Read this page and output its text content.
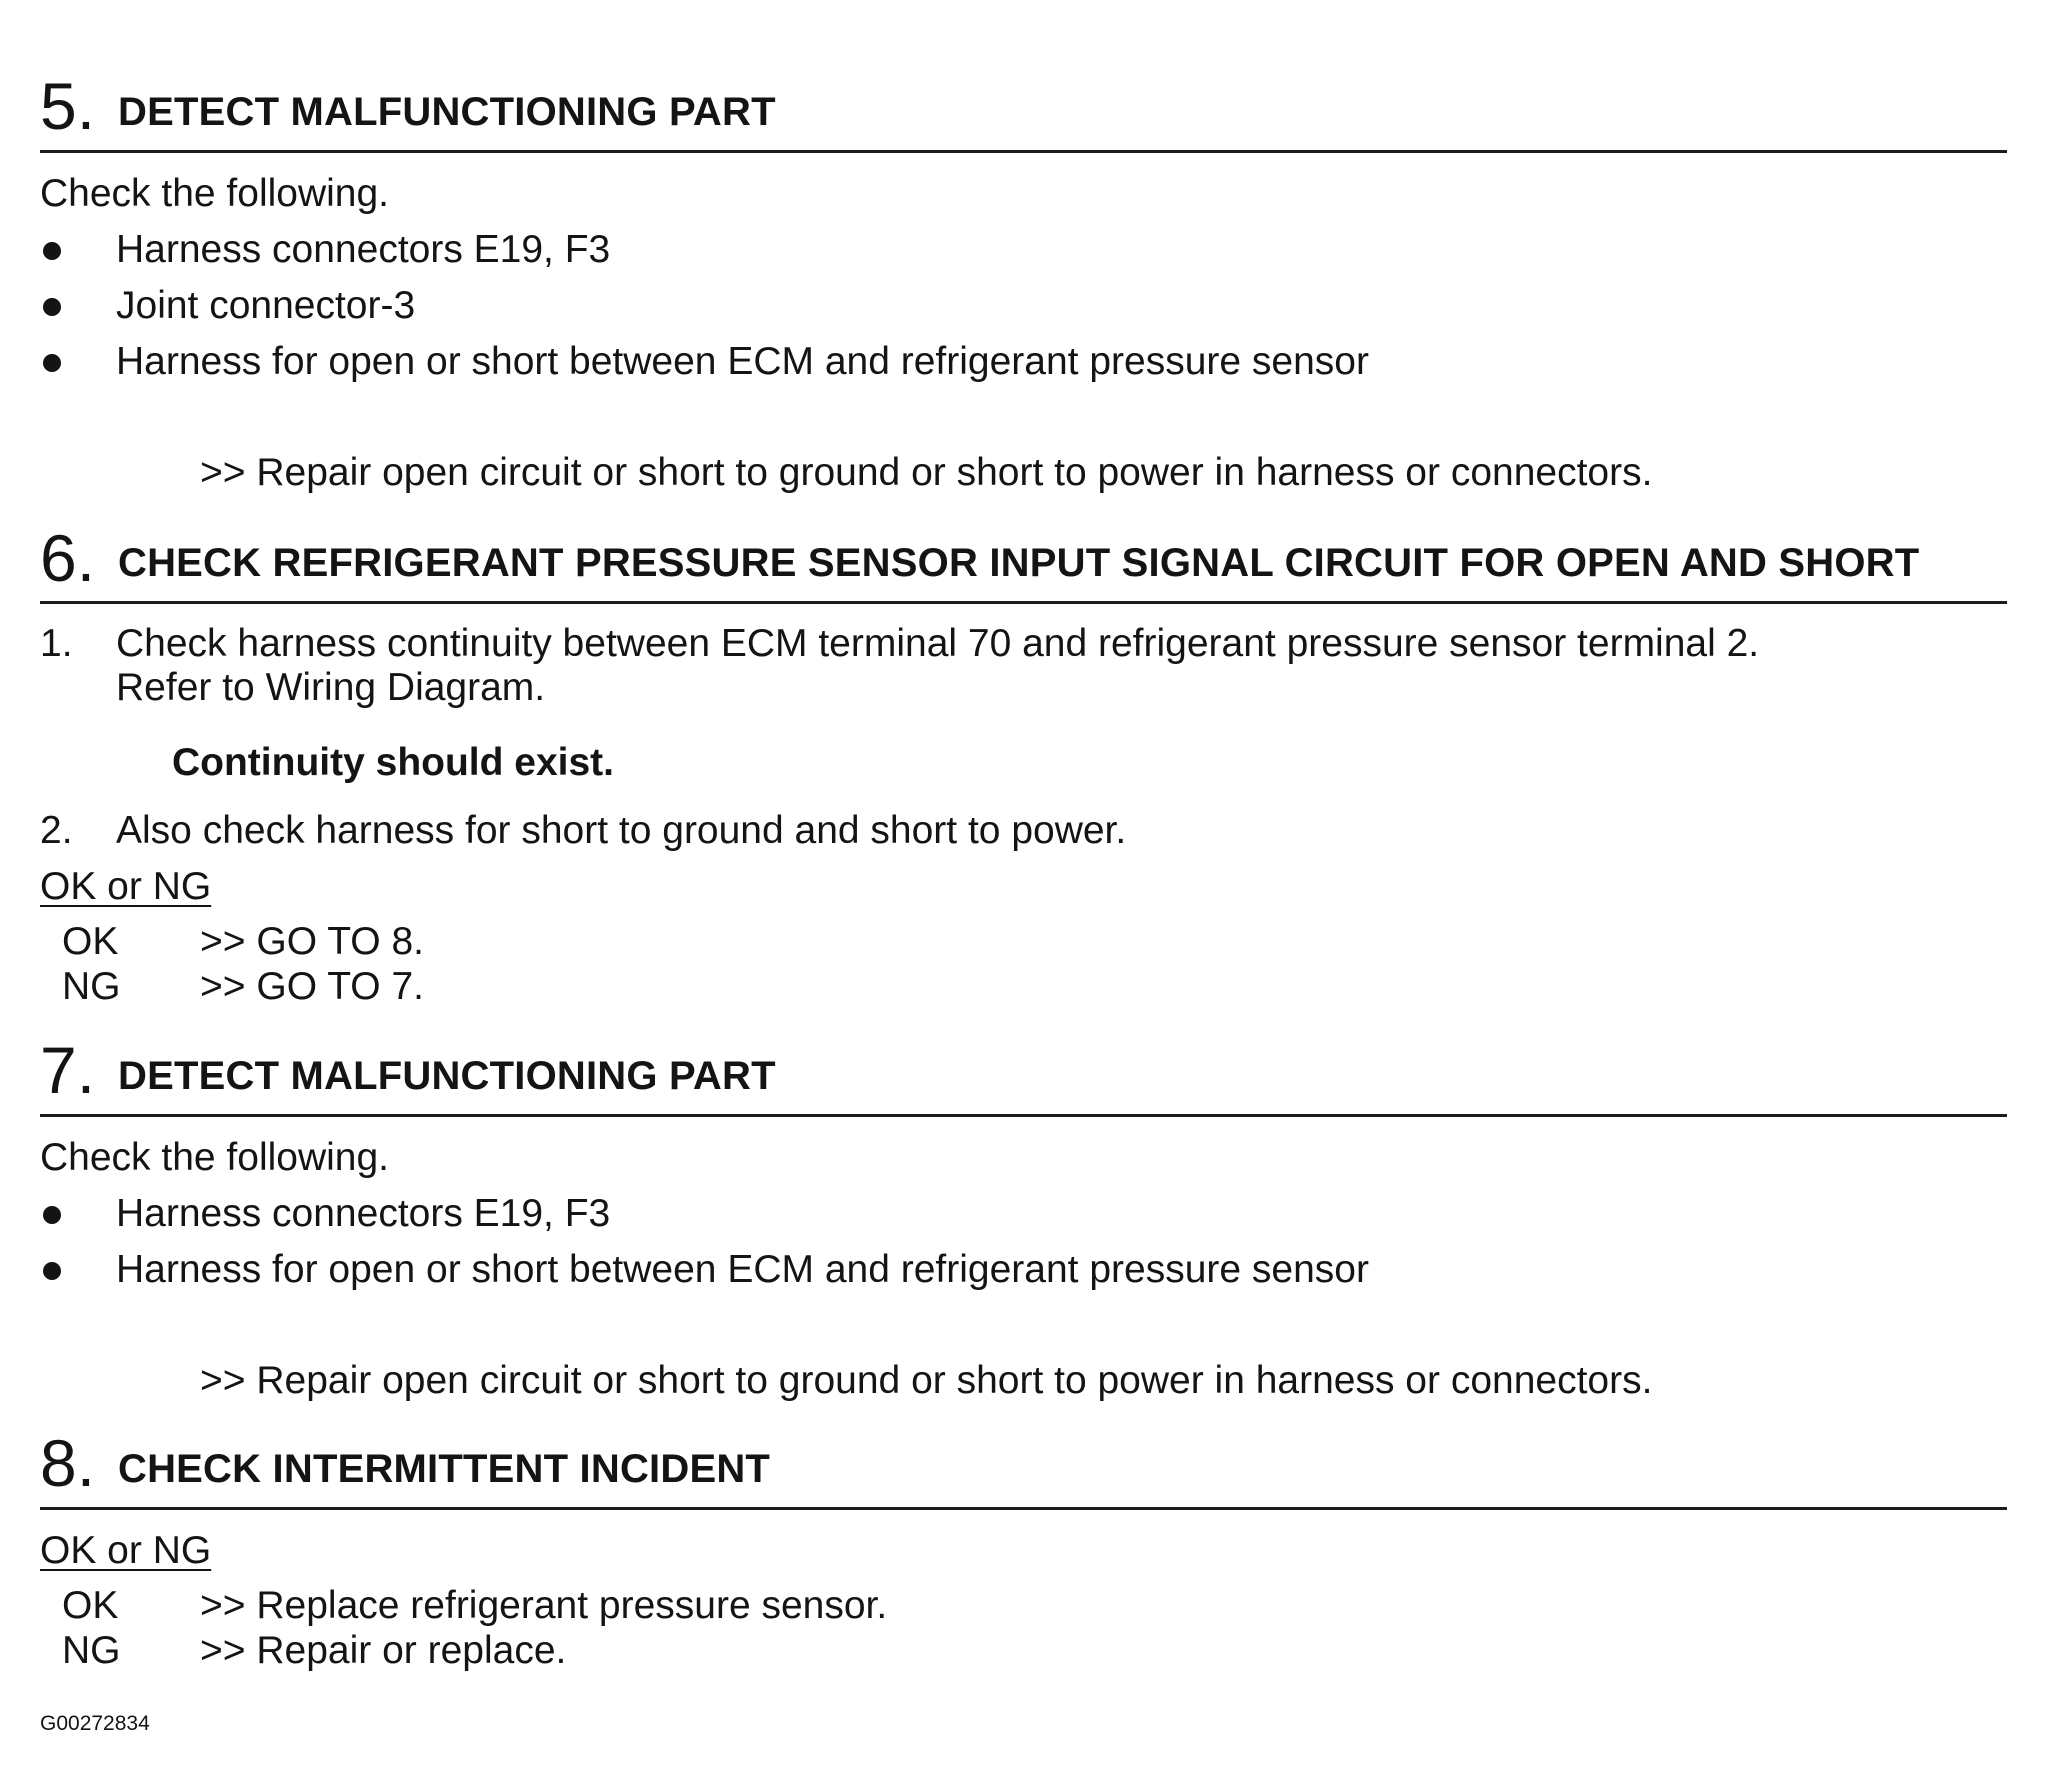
5. DETECT MALFUNCTIONING PART
Check the following.
Harness connectors E19, F3
Joint connector-3
Harness for open or short between ECM and refrigerant pressure sensor
>> Repair open circuit or short to ground or short to power in harness or connectors.
6. CHECK REFRIGERANT PRESSURE SENSOR INPUT SIGNAL CIRCUIT FOR OPEN AND SHORT
1. Check harness continuity between ECM terminal 70 and refrigerant pressure sensor terminal 2.
Refer to Wiring Diagram.
Continuity should exist.
2. Also check harness for short to ground and short to power.
OK or NG
OK >> GO TO 8.
NG >> GO TO 7.
7. DETECT MALFUNCTIONING PART
Check the following.
Harness connectors E19, F3
Harness for open or short between ECM and refrigerant pressure sensor
>> Repair open circuit or short to ground or short to power in harness or connectors.
8. CHECK INTERMITTENT INCIDENT
OK or NG
OK >> Replace refrigerant pressure sensor.
NG >> Repair or replace.
G00272834
